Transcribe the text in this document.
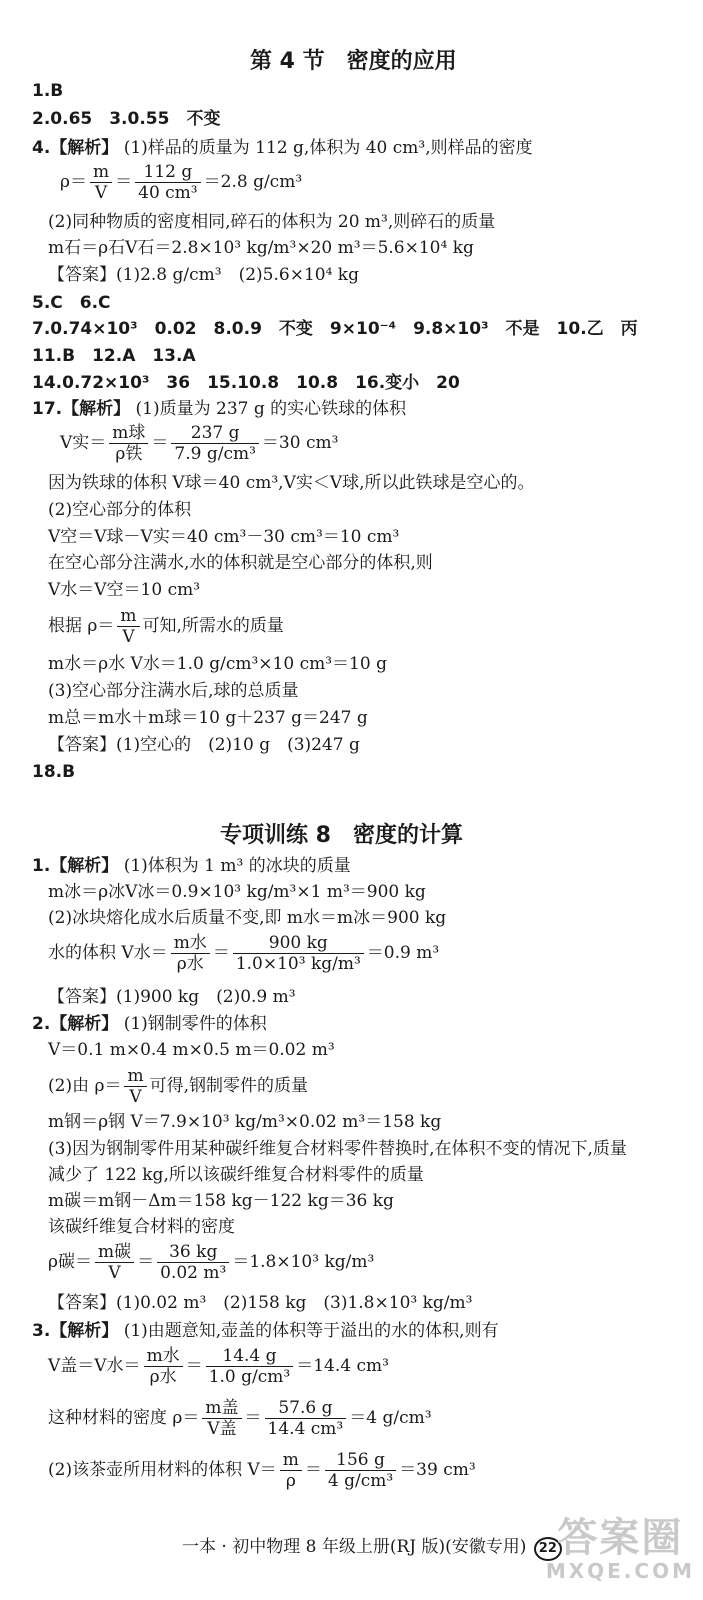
第 4 节　密度的应用
1.B
2.0.65　3.0.55　不变
4.【解析】 (1)样品的质量为 112 g,体积为 40 cm³,则样品的密度
$\rho= \frac{m}{V} = \frac{112 g}{\text{40 cm³}} =2.8$ g/cm³
(2)同种物质的密度相同,碎石的体积为 20 m³,则碎石的质量
m石＝ρ石V石＝2.8×10³ kg/m³×20 m³＝5.6×10⁴ kg
【答案】(1)2.8 g/cm³　(2)5.6×10⁴ kg
5.C　6.C
7.0.74×10³　0.02　8.0.9　不变　9×10⁻⁴　9.8×10³　不是　10.乙　丙
11.B　12.A　13.A
14.0.72×10³　36　15.10.8　10.8　16.变小　20
17.【解析】 (1)质量为 237 g 的实心铁球的体积
V实＝ $\frac{\text{m球}}{\text{ρ铁}} = \frac{237 g}{\text{7.9 g/cm³}} =30$ cm³
因为铁球的体积 V球＝40 cm³,V实＜V球,所以此铁球是空心的。
(2)空心部分的体积
V空＝V球－V实＝40 cm³－30 cm³＝10 cm³
在空心部分注满水,水的体积就是空心部分的体积,则
V水＝V空＝10 cm³
根据 $\rho= \frac{m}{V}$ 可知,所需水的质量
m水＝ρ水 V水＝1.0 g/cm³×10 cm³＝10 g
(3)空心部分注满水后,球的总质量
m总＝m水＋m球＝10 g＋237 g＝247 g
【答案】(1)空心的　(2)10 g　(3)247 g
18.B
专项训练 8　密度的计算
1.【解析】 (1)体积为 1 m³ 的冰块的质量
m冰＝ρ冰V冰＝0.9×10³ kg/m³×1 m³＝900 kg
(2)冰块熔化成水后质量不变,即 m水＝m冰＝900 kg
水的体积 V水＝ $\frac{\text{m水}}{\text{ρ水}} = \frac{900 kg}{\text{1.0×10³ kg/m³}} =0.9$ m³
【答案】(1)900 kg　(2)0.9 m³
2.【解析】 (1)钢制零件的体积
V＝0.1 m×0.4 m×0.5 m＝0.02 m³
(2)由 $\rho= \frac{m}{V}$ 可得,钢制零件的质量
m钢＝ρ钢 V＝7.9×10³ kg/m³×0.02 m³＝158 kg
(3)因为钢制零件用某种碳纤维复合材料零件替换时,在体积不变的情况下,质量
减少了 122 kg,所以该碳纤维复合材料零件的质量
m碳＝m钢－Δm＝158 kg－122 kg＝36 kg
该碳纤维复合材料的密度
ρ碳＝ $\frac{\text{m碳}}{V} = \frac{36 kg}{\text{0.02 m³}} =1.8\times 10^3$ kg/m³
【答案】(1)0.02 m³　(2)158 kg　(3)1.8×10³ kg/m³
3.【解析】 (1)由题意知,壶盖的体积等于溢出的水的体积,则有
V盖＝V水＝ $\frac{\text{m水}}{\text{ρ水}} = \frac{14.4 g}{\text{1.0 g/cm³}} =14.4$ cm³
这种材料的密度 $\rho= \frac{\text{m盖}}{\text{V盖}} = \frac{57.6 g}{\text{14.4 cm³}} =4$ g/cm³
(2)该茶壶所用材料的体积 $V= \frac{m}{\rho} = \frac{156 g}{\text{4 g/cm³}} =39$ cm³
一本 · 初中物理 8 年级上册(RJ 版)(安徽专用) 22 答案圈
MXQE.COM
